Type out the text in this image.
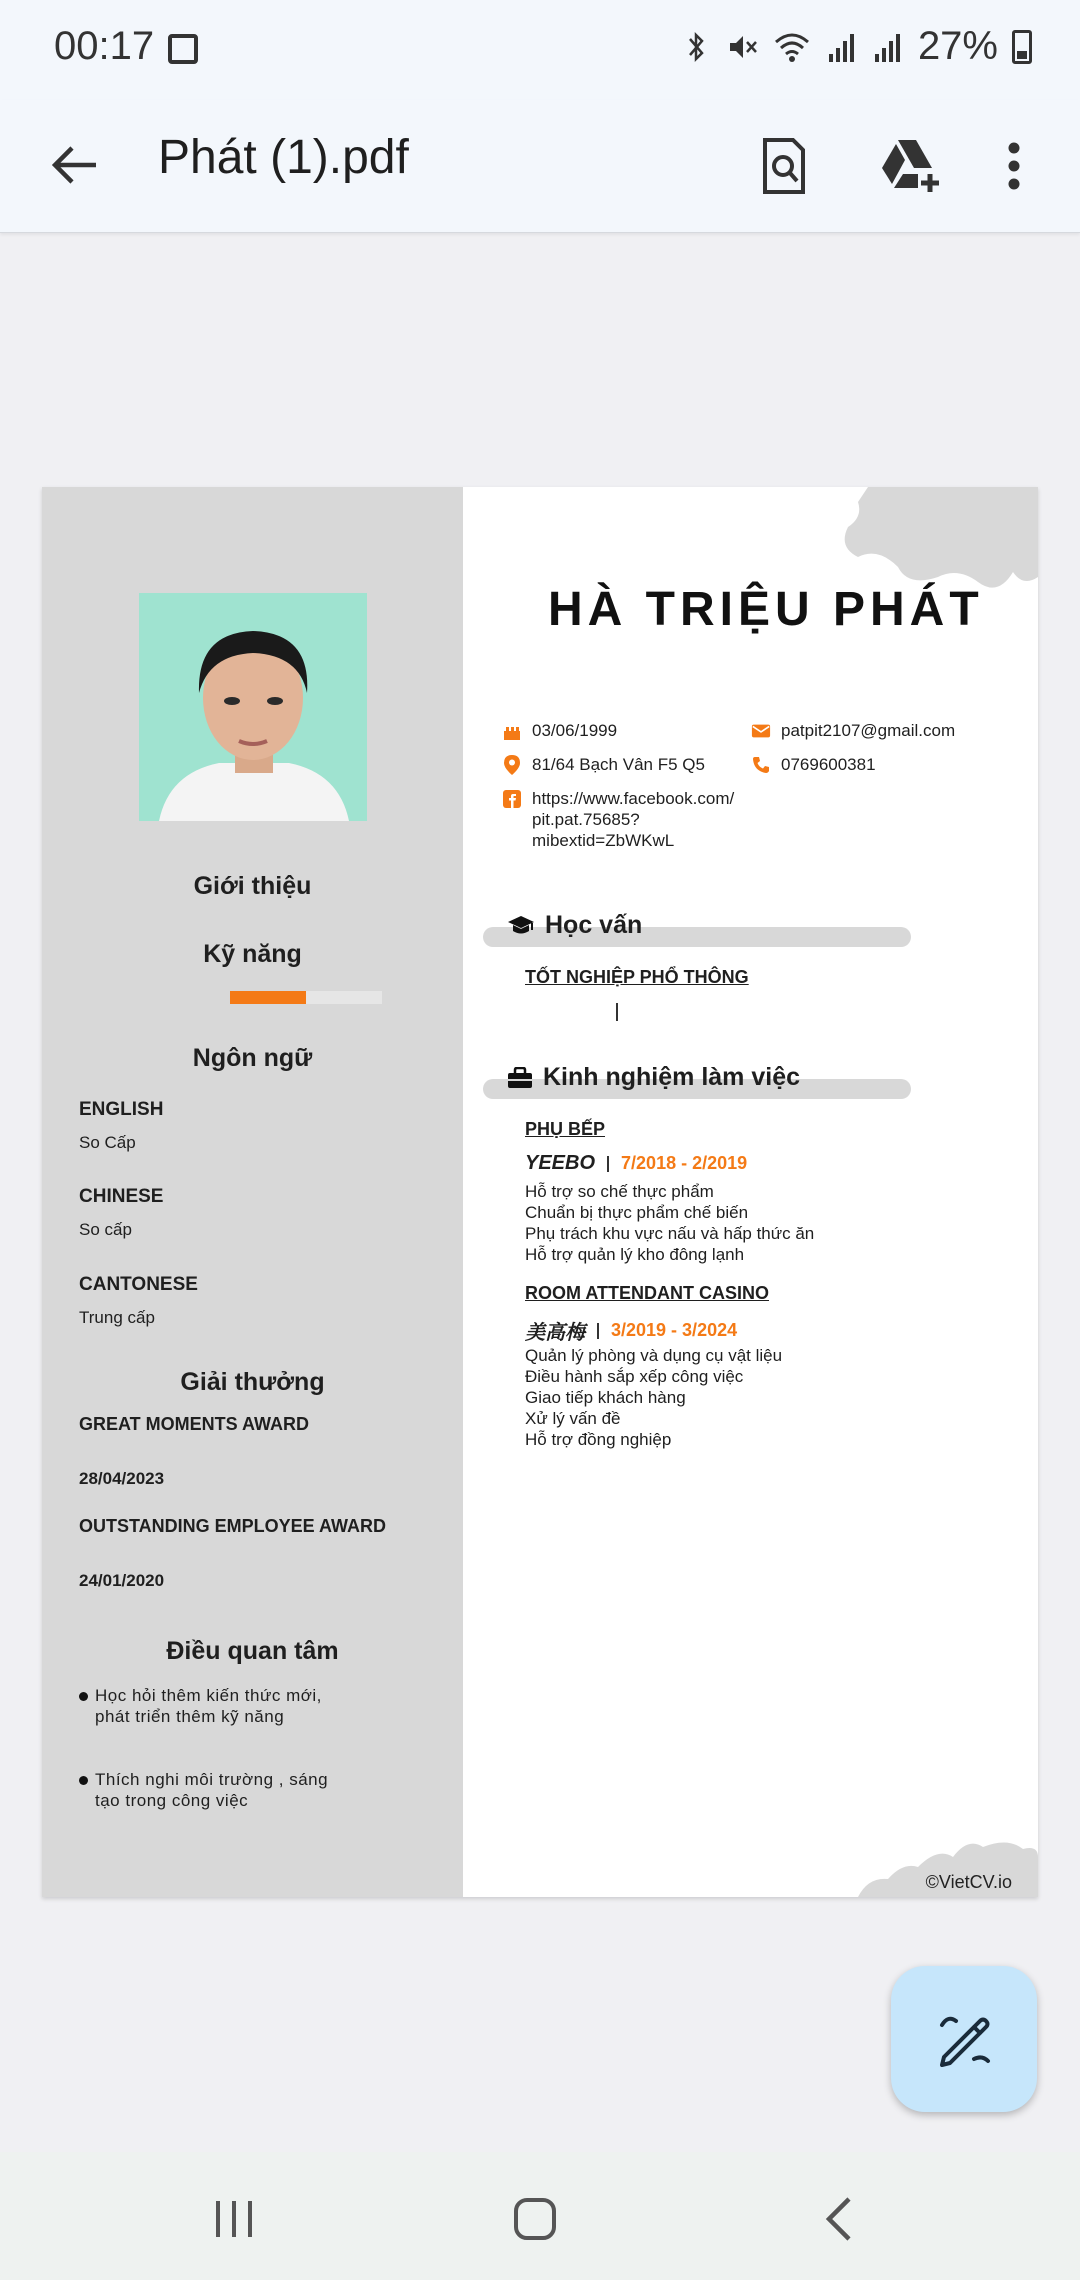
00:17	27%
Phát (1).pdf
Giới thiệu
Kỹ năng
Ngôn ngữ
ENGLISH
So Cấp
CHINESE
So cấp
CANTONESE
Trung cấp
Giải thưởng
GREAT MOMENTS AWARD
28/04/2023
OUTSTANDING EMPLOYEE AWARD
24/01/2020
Điều quan tâm
Học hỏi thêm kiến thức mới, phát triển thêm kỹ năng
Thích nghi môi trường , sáng tạo trong công việc
HÀ TRIỆU PHÁT
03/06/1999	patpit2107@gmail.com
81/64 Bạch Vân F5 Q5	0769600381
https://www.facebook.com/
pit.pat.75685?
mibextid=ZbWKwL
Học vấn
TỐT NGHIỆP PHỔ THÔNG
Kinh nghiệm làm việc
PHỤ BẾP
YEEBO 7/2018 - 2/2019
Hỗ trợ so chế thực phẩm
Chuẩn bị thực phẩm chế biến
Phụ trách khu vực nấu và hấp thức ăn
Hỗ trợ quản lý kho đông lạnh
ROOM ATTENDANT CASINO
美高梅 3/2019 - 3/2024
Quản lý phòng và dụng cụ vật liệu
Điều hành sắp xếp công việc
Giao tiếp khách hàng
Xử lý vấn đề
Hỗ trợ đồng nghiệp
©VietCV.io
